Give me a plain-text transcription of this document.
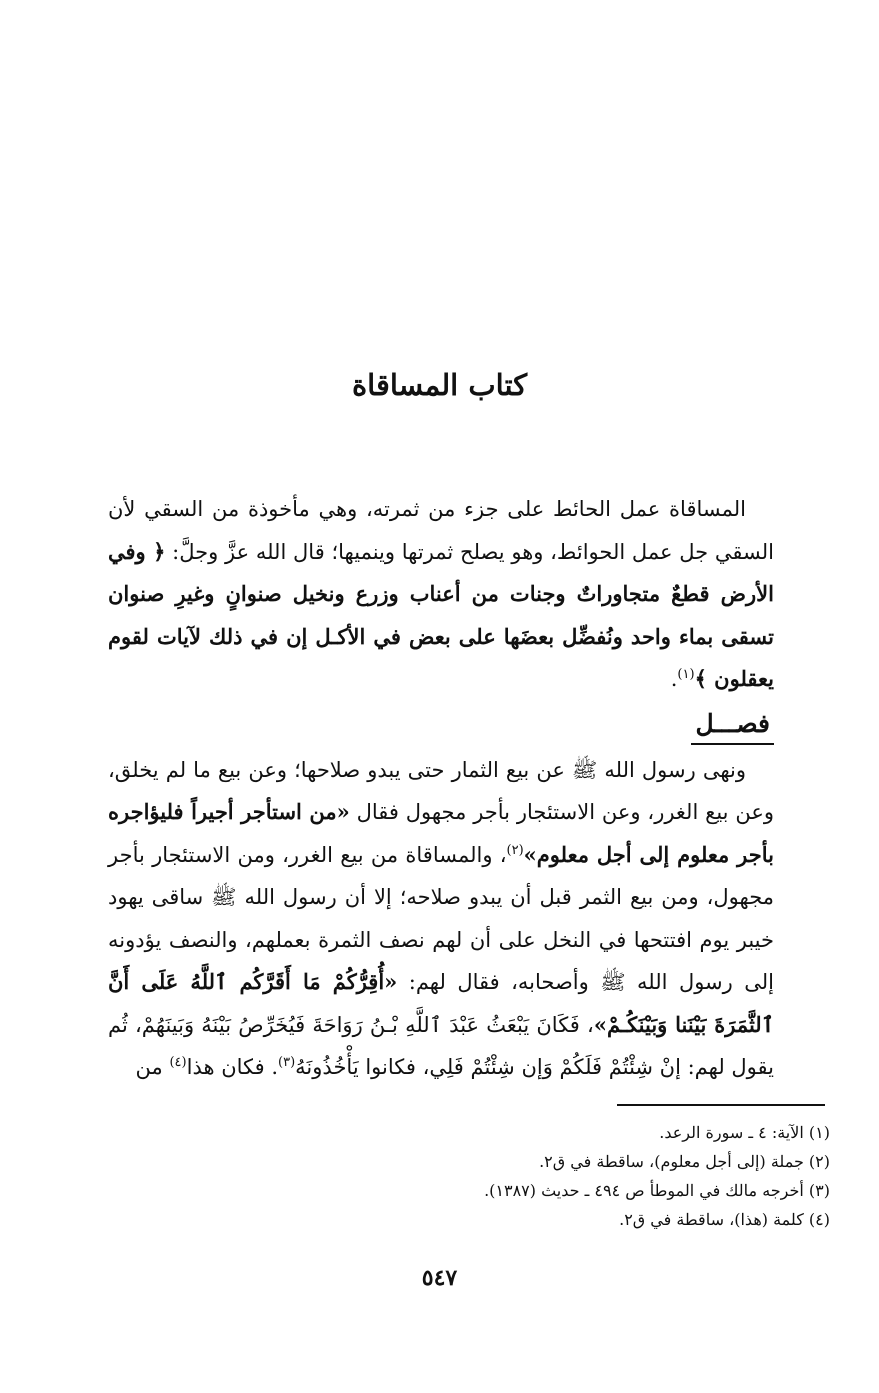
كتاب المساقاة

المساقاة عمل الحائط على جزء من ثمرته، وهي مأخوذة من السقي لأن السقي جل عمل الحوائط، وهو يصلح ثمرتها وينميها؛ قال الله عزَّ وجلَّ: ﴿ وفي الأرض قطعٌ متجاوراتٌ وجنات من أعناب وزرع ونخيل صنوانٍ وغيرِ صنوان تسقى بماء واحد ونُفضِّل بعضَها على بعض في الأكـل إن في ذلك لآيات لقوم يعقلون ﴾$^{(١)}$.

فصـــل

ونهى رسول الله ﷺ عن بيع الثمار حتى يبدو صلاحها؛ وعن بيع ما لم يخلق، وعن بيع الغرر، وعن الاستئجار بأجر مجهول فقال «من استأجر أجيراً فليؤاجره بأجر معلوم إلى أجل معلوم»$^{(٢)}$، والمساقاة من بيع الغرر، ومن الاستئجار بأجر مجهول، ومن بيع الثمر قبل أن يبدو صلاحه؛ إلا أن رسول الله ﷺ ساقى يهود خيبر يوم افتتحها في النخل على أن لهم نصف الثمرة بعملهم، والنصف يؤدونه إلى رسول الله ﷺ وأصحابه، فقال لهم: «أُقِرُّكُمْ مَا أَقَرَّكُم ٱللَّهُ عَلَى أَنَّ ٱلثَّمَرَةَ بَيْنَنا وَبَيْنَكُـمْ»، فَكَانَ يَبْعَثُ عَبْدَ ٱللَّهِ بْـنُ رَوَاحَةَ فَيُخَرِّصُ بَيْنَهُ وَبَينَهُمْ، ثُم يقول لهم: إنْ شِئْتُمْ فَلَكُمْ وَإن شِئْتُمْ فَلِي، فكانوا يَأْخُذُونَهُ$^{(٣)}$. فكان هذا$^{(٤)}$ من

(١) الآية: ٤ ـ سورة الرعد.
(٢) جملة (إلى أجل معلوم)، ساقطة في ق٢.
(٣) أخرجه مالك في الموطأ ص ٤٩٤ ـ حديث (١٣٨٧).
(٤) كلمة (هذا)، ساقطة في ق٢.
٥٤٧
